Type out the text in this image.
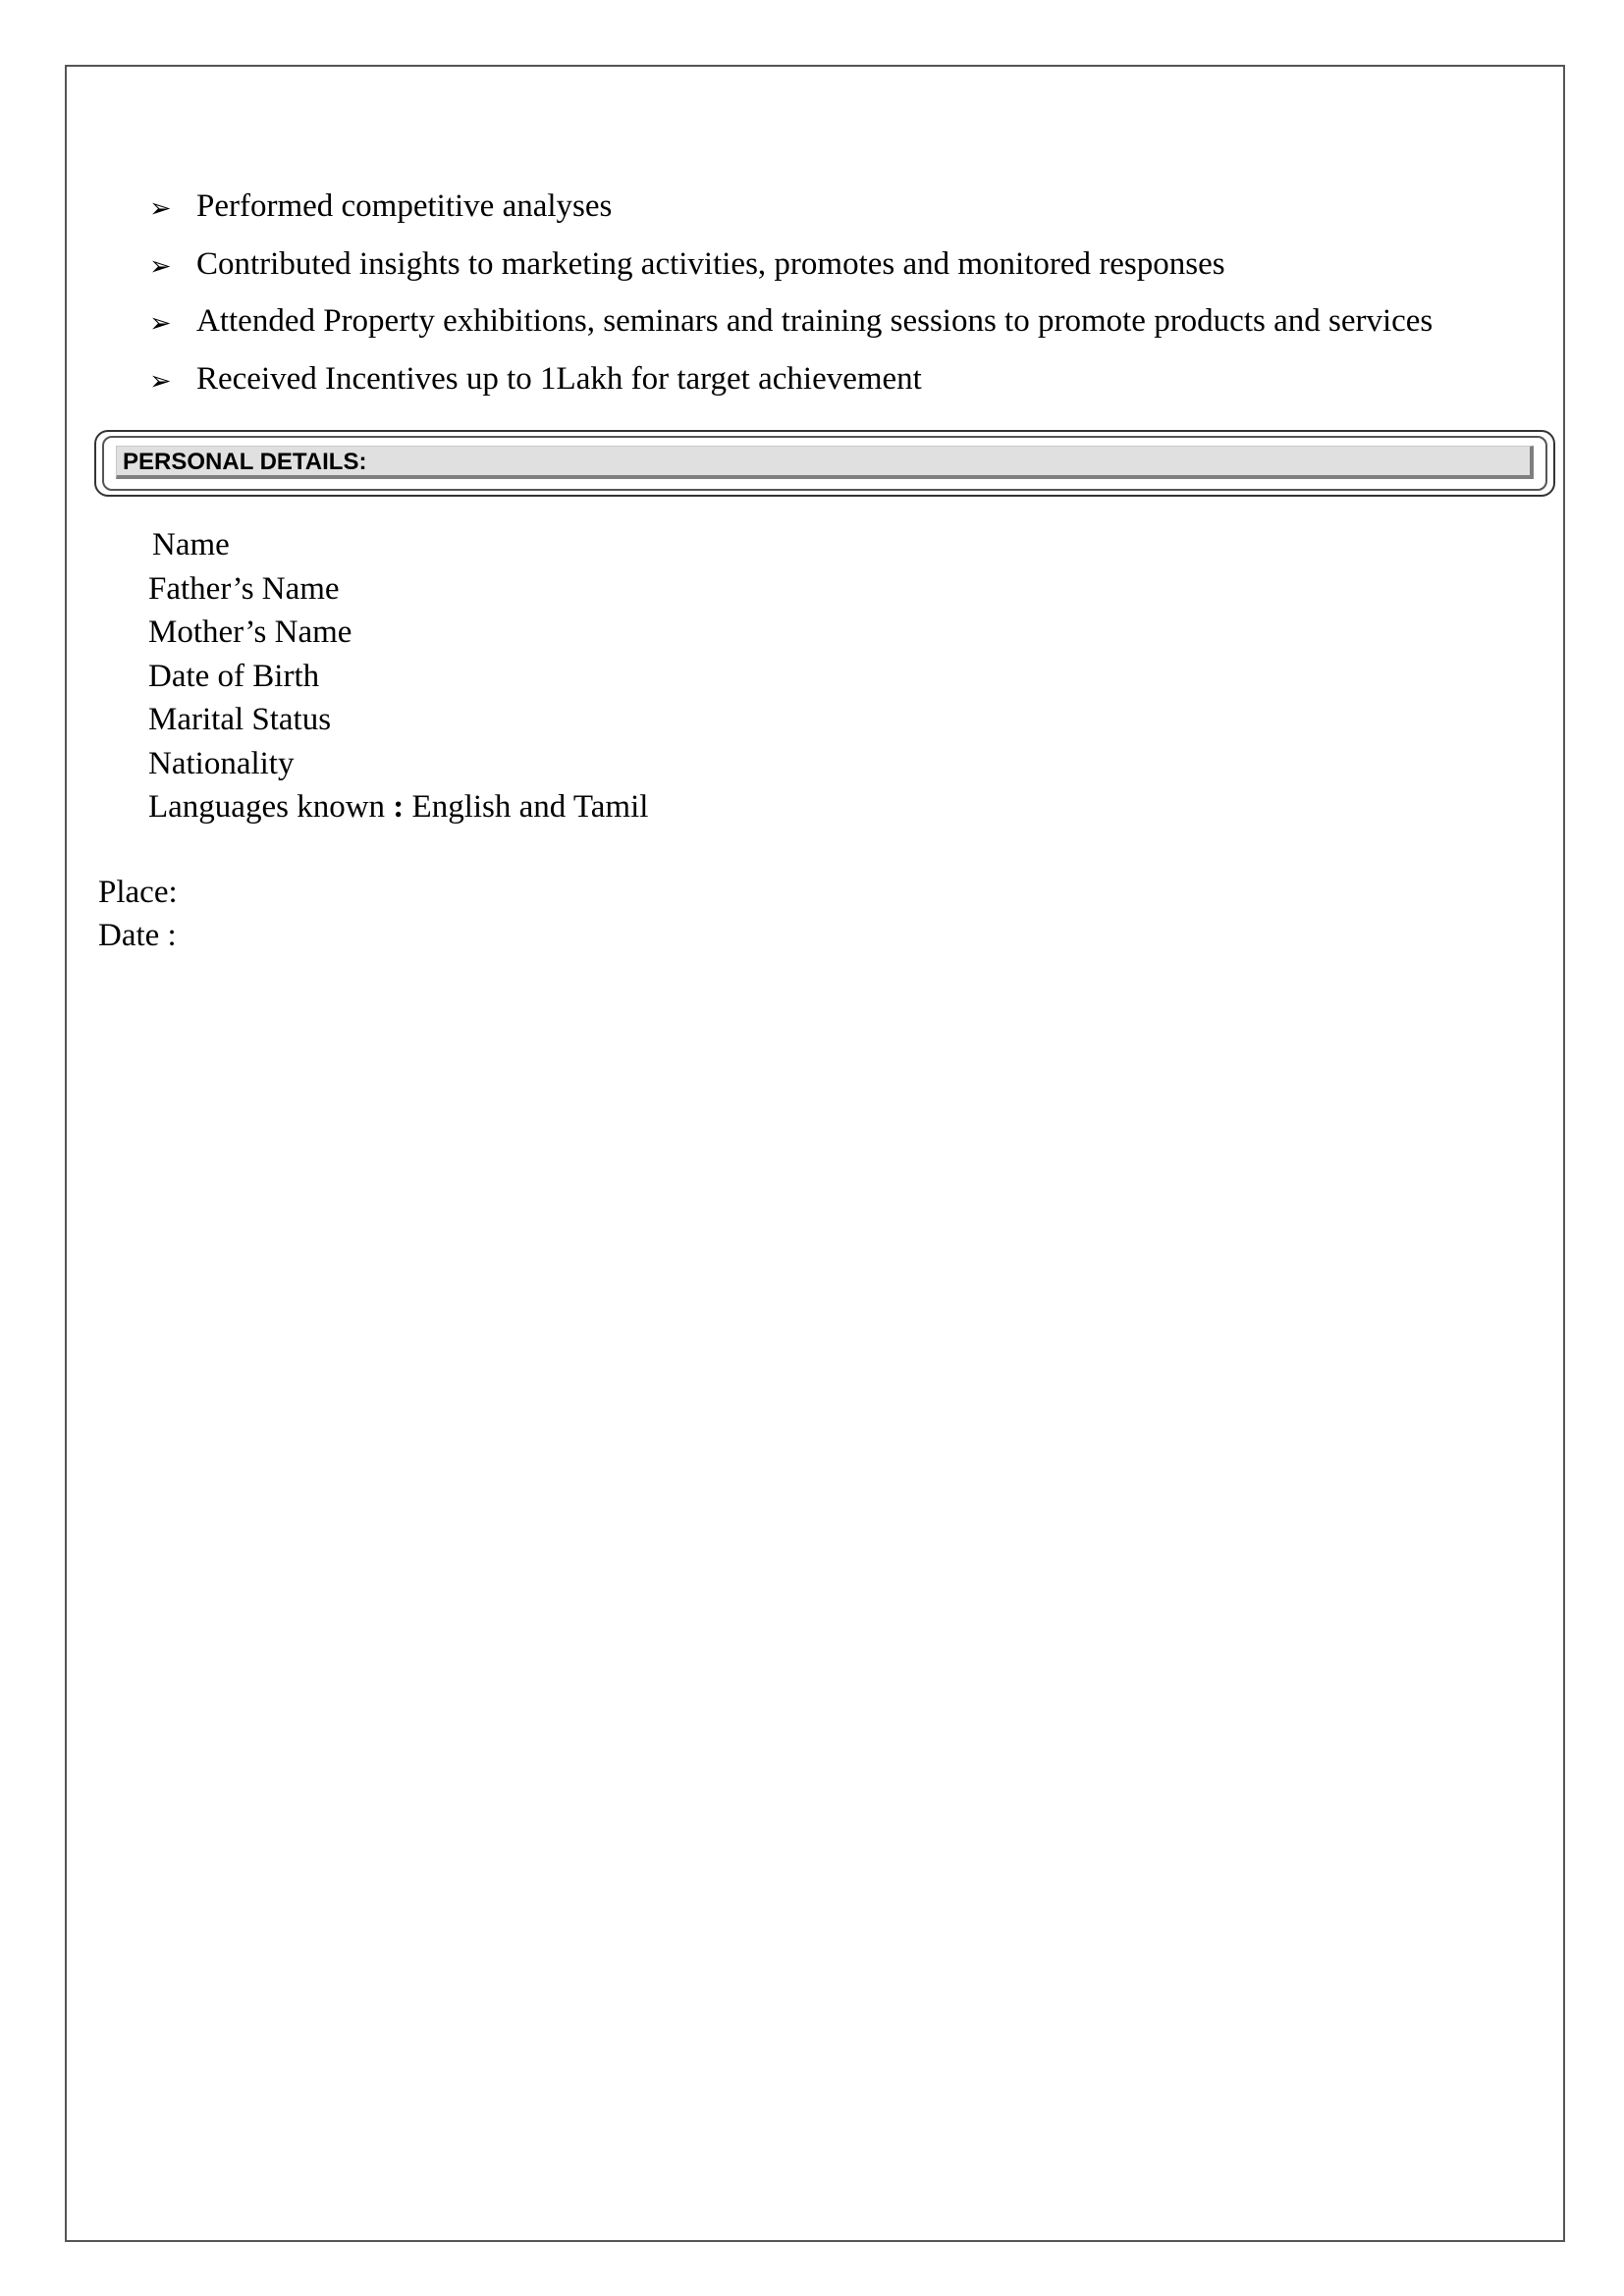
➢ Performed competitive analyses
➢ Contributed insights to marketing activities, promotes and monitored responses
➢ Attended Property exhibitions, seminars and training sessions to promote products and services
➢ Received Incentives up to 1Lakh for target achievement
PERSONAL DETAILS:
Name
Father’s Name
Mother’s Name
Date of Birth
Marital Status
Nationality
Languages known : English and Tamil
Place:
Date :
